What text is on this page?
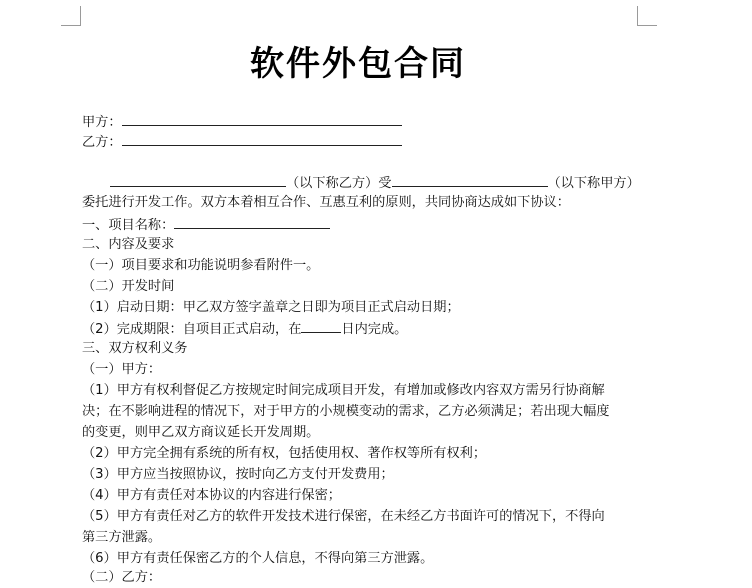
软件外包合同
甲方：
乙方：
（以下称乙方）受	（以下称甲方）
委托进行开发工作。双方本着相互合作、互惠互利的原则，共同协商达成如下协议：
一、项目名称：
二、内容及要求
（一）项目要求和功能说明参看附件一。
（二）开发时间
（1）启动日期：甲乙双方签字盖章之日即为项目正式启动日期；
（2）完成期限：自项目正式启动，在	日内完成。
三、双方权利义务
（一）甲方：
（1）甲方有权利督促乙方按规定时间完成项目开发，有增加或修改内容双方需另行协商解
决；在不影响进程的情况下，对于甲方的小规模变动的需求，乙方必须满足；若出现大幅度
的变更，则甲乙双方商议延长开发周期。
（2）甲方完全拥有系统的所有权，包括使用权、著作权等所有权利；
（3）甲方应当按照协议，按时向乙方支付开发费用；
（4）甲方有责任对本协议的内容进行保密；
（5）甲方有责任对乙方的软件开发技术进行保密，在未经乙方书面许可的情况下，不得向
第三方泄露。
（6）甲方有责任保密乙方的个人信息，不得向第三方泄露。
（二）乙方：
